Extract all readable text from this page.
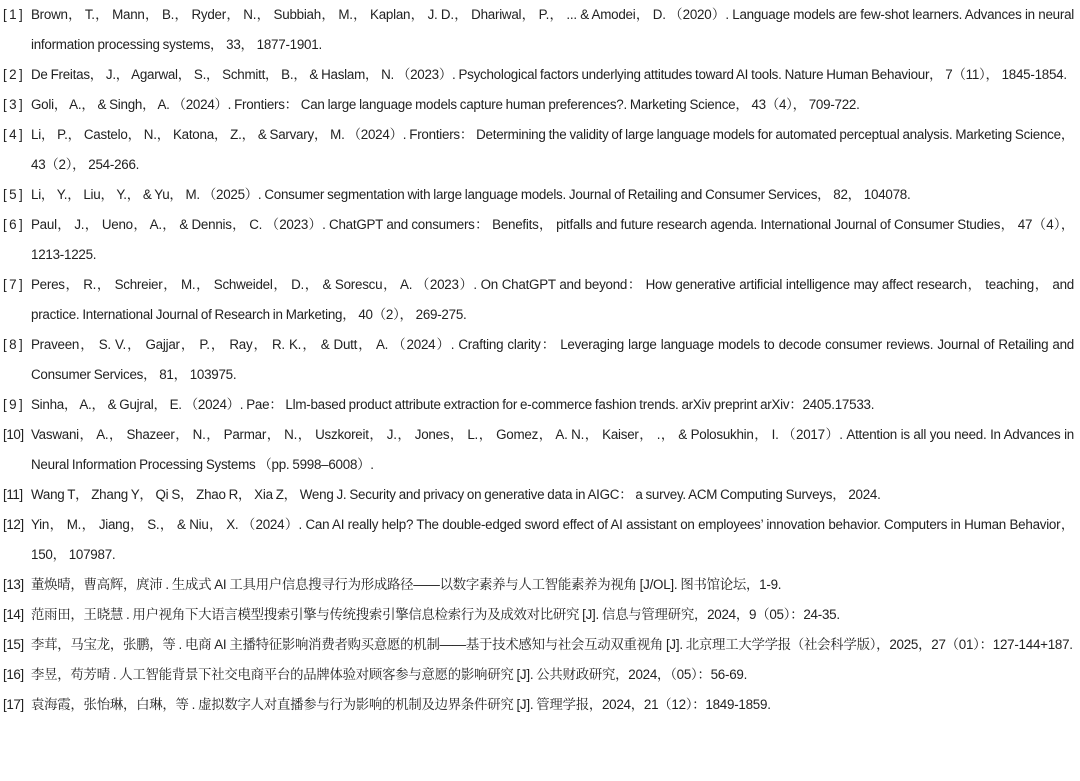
[ 1 ] Brown， T.， Mann， B.， Ryder， N.， Subbiah， M.， Kaplan， J. D.， Dhariwal， P.， ... & Amodei， D. （2020）. Language models are few-shot learners. Advances in neural information processing systems， 33， 1877-1901.
[ 2 ] De Freitas， J.， Agarwal， S.， Schmitt， B.， & Haslam， N. （2023）. Psychological factors underlying attitudes toward AI tools. Nature Human Behaviour， 7（11）， 1845-1854.
[ 3 ] Goli， A.， & Singh， A. （2024）. Frontiers： Can large language models capture human preferences?. Marketing Science， 43（4）， 709-722.
[ 4 ] Li， P.， Castelo， N.， Katona， Z.， & Sarvary， M. （2024）. Frontiers： Determining the validity of large language models for automated perceptual analysis. Marketing Science， 43（2）， 254-266.
[ 5 ] Li， Y.， Liu， Y.， & Yu， M. （2025）. Consumer segmentation with large language models. Journal of Retailing and Consumer Services， 82， 104078.
[ 6 ] Paul， J.， Ueno， A.， & Dennis， C. （2023）. ChatGPT and consumers： Benefits， pitfalls and future research agenda. International Journal of Consumer Studies， 47（4）， 1213-1225.
[ 7 ] Peres， R.， Schreier， M.， Schweidel， D.， & Sorescu， A. （2023）. On ChatGPT and beyond： How generative artificial intelligence may affect research， teaching， and practice. International Journal of Research in Marketing， 40（2）， 269-275.
[ 8 ] Praveen， S. V.， Gajjar， P.， Ray， R. K.， & Dutt， A. （2024）. Crafting clarity： Leveraging large language models to decode consumer reviews. Journal of Retailing and Consumer Services， 81， 103975.
[ 9 ] Sinha， A.， & Gujral， E. （2024）. Pae： Llm-based product attribute extraction for e-commerce fashion trends. arXiv preprint arXiv：2405.17533.
[10] Vaswani， A.， Shazeer， N.， Parmar， N.， Uszkoreit， J.， Jones， L.， Gomez， A. N.， Kaiser， .， & Polosukhin， I. （2017）. Attention is all you need. In Advances in Neural Information Processing Systems （pp. 5998–6008）.
[11] Wang T， Zhang Y， Qi S， Zhao R， Xia Z， Weng J. Security and privacy on generative data in AIGC： a survey. ACM Computing Surveys， 2024.
[12] Yin， M.， Jiang， S.， & Niu， X. （2024）. Can AI really help? The double-edged sword effect of AI assistant on employees’ innovation behavior. Computers in Human Behavior， 150， 107987.
[13] 董焕晴，曹高辉，庹沛 . 生成式 AI 工具用户信息搜寻行为形成路径——以数字素养与人工智能素养为视角 [J/OL]. 图书馆论坛，1-9.
[14] 范雨田，王晓慧 . 用户视角下大语言模型搜索引擎与传统搜索引擎信息检索行为及成效对比研究 [J]. 信息与管理研究，2024，9（05）：24-35.
[15] 李茸，马宝龙，张鹏，等 . 电商 AI 主播特征影响消费者购买意愿的机制——基于技术感知与社会互动双重视角 [J]. 北京理工大学学报（社会科学版），2025，27（01）：127-144+187.
[16] 李昱，苟芳晴 . 人工智能背景下社交电商平台的品牌体验对顾客参与意愿的影响研究 [J]. 公共财政研究，2024，（05）：56-69.
[17] 袁海霞，张怡琳，白琳，等 . 虚拟数字人对直播参与行为影响的机制及边界条件研究 [J]. 管理学报，2024，21（12）：1849-1859.
